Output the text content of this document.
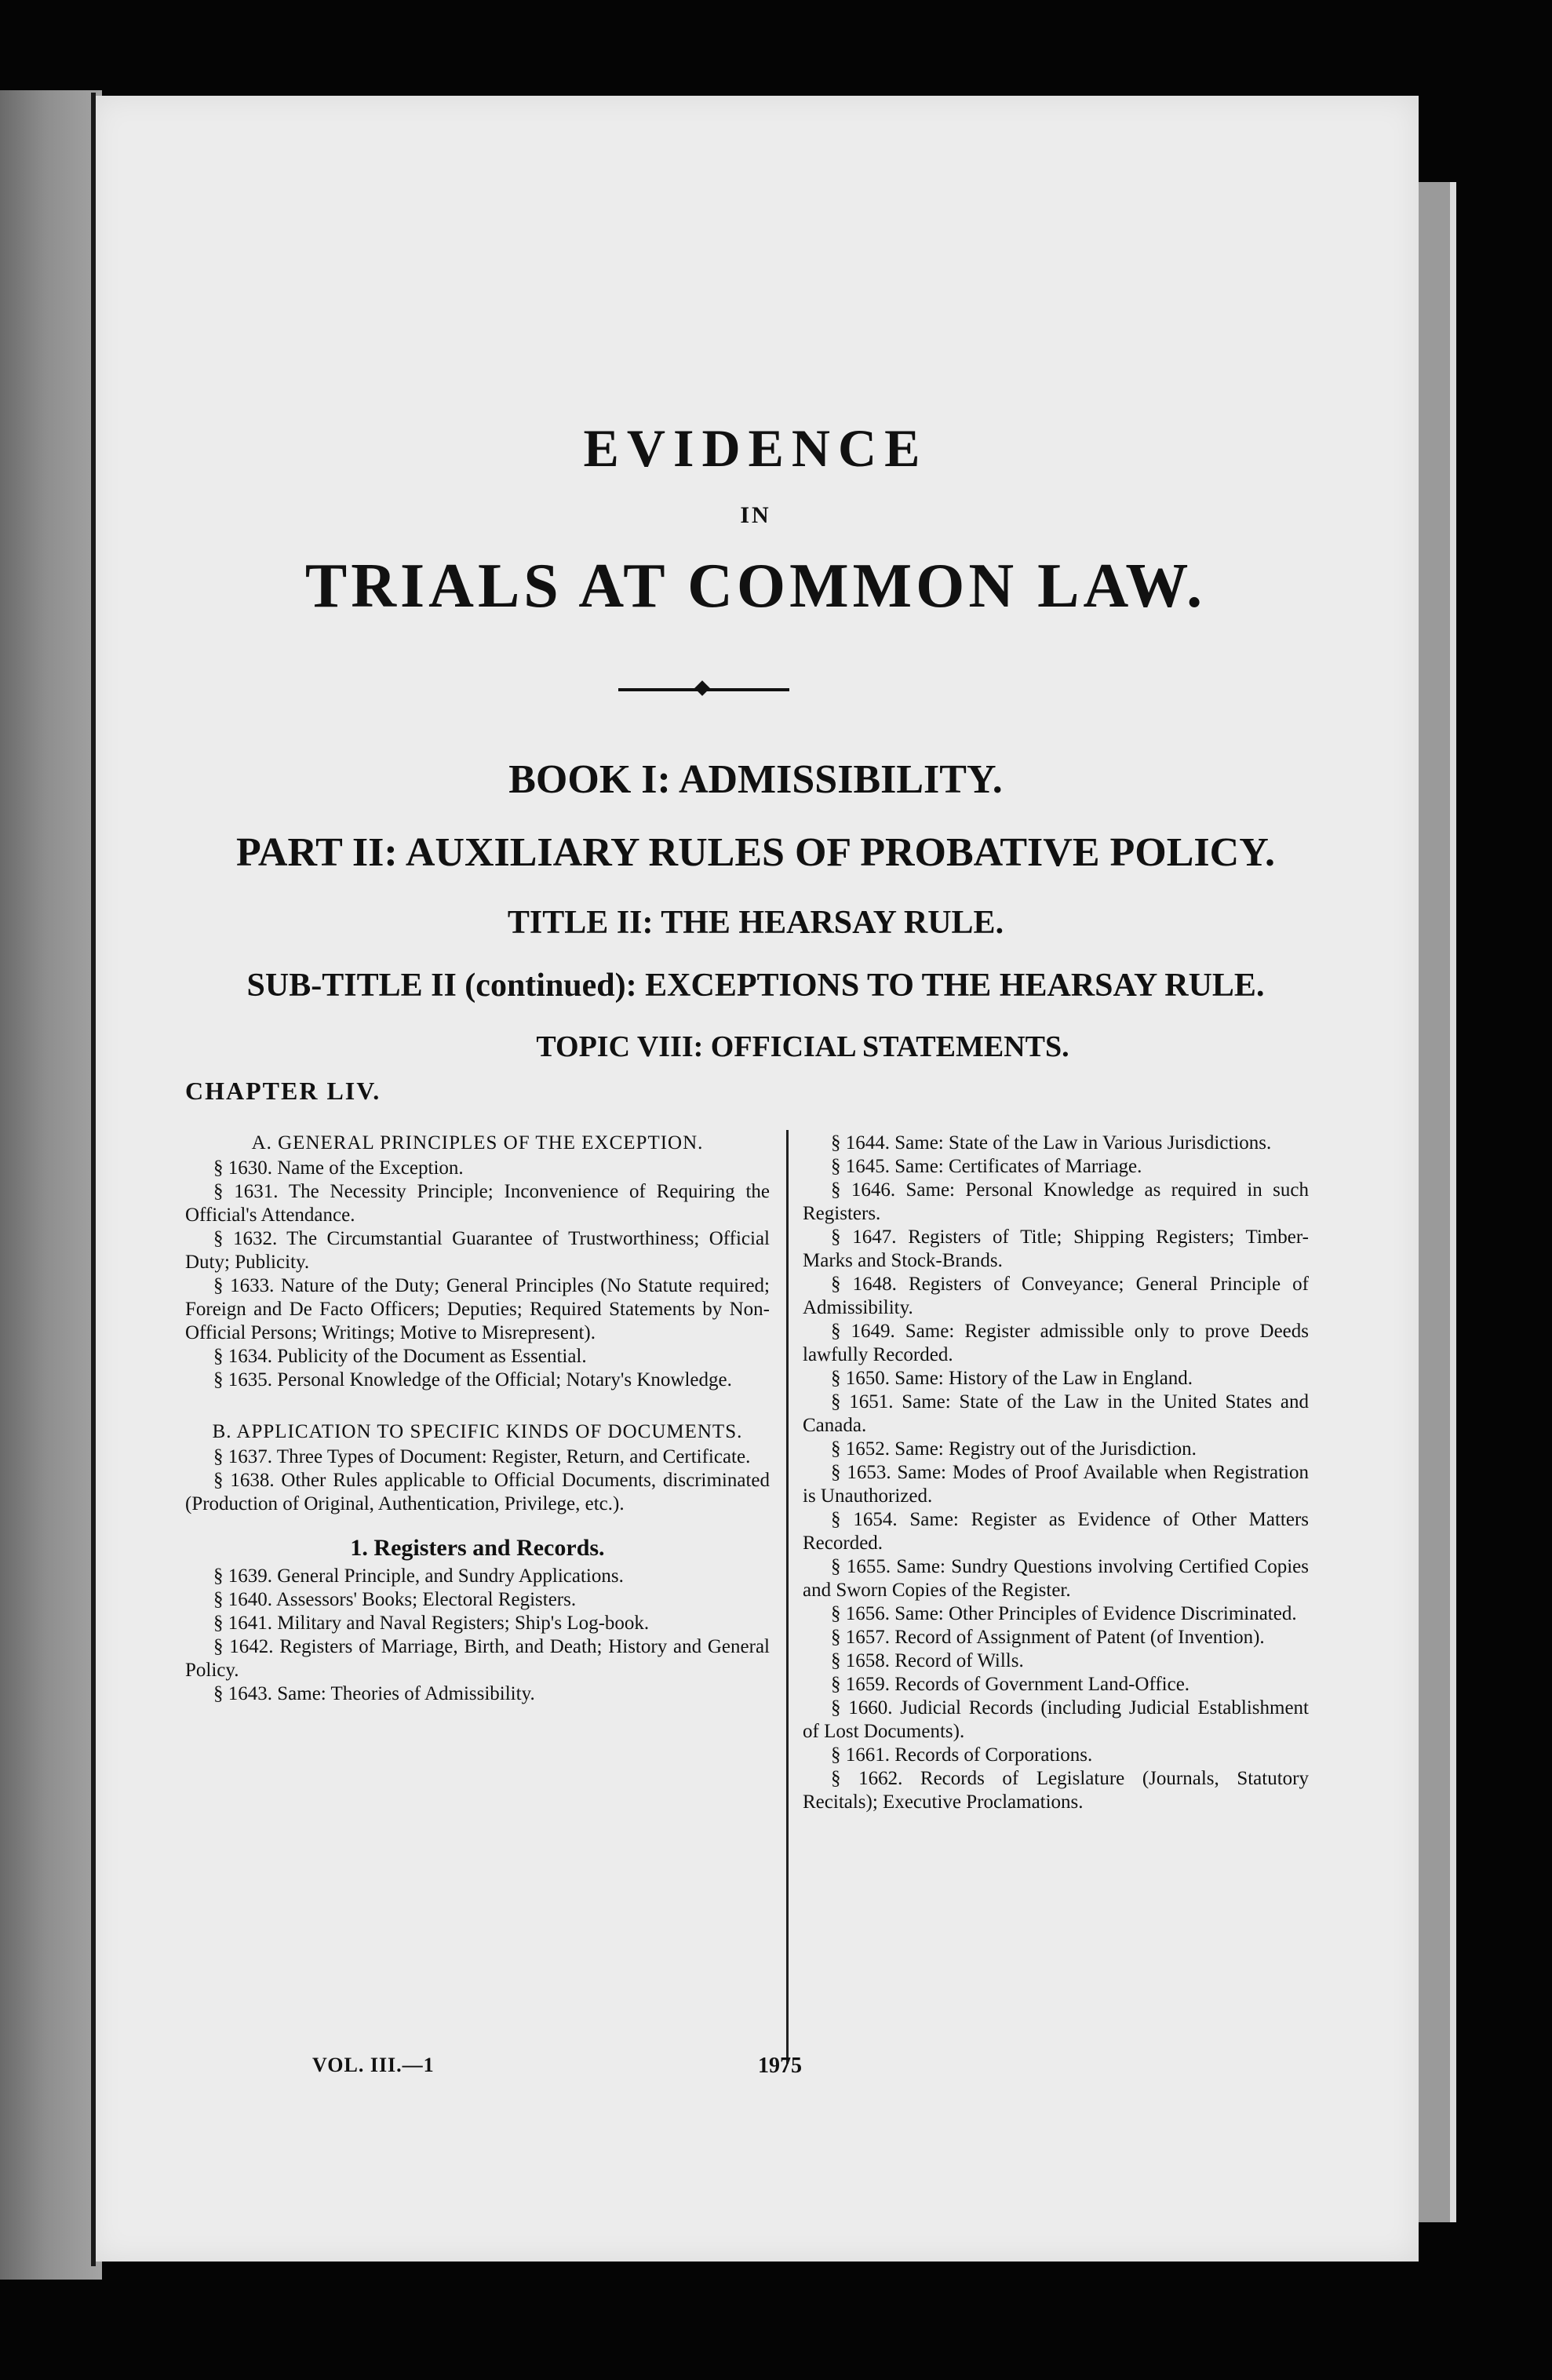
EVIDENCE
IN
TRIALS AT COMMON LAW.
BOOK I: ADMISSIBILITY.
PART II: AUXILIARY RULES OF PROBATIVE POLICY.
TITLE II: THE HEARSAY RULE.
SUB-TITLE II (continued): EXCEPTIONS TO THE HEARSAY RULE.
TOPIC VIII: OFFICIAL STATEMENTS.
CHAPTER LIV.

A. GENERAL PRINCIPLES OF THE EXCEPTION.

§ 1630. Name of the Exception.

§ 1631. The Necessity Principle; Inconvenience of Requiring the Official's Attendance.

§ 1632. The Circumstantial Guarantee of Trustworthiness; Official Duty; Publicity.

§ 1633. Nature of the Duty; General Principles (No Statute required; Foreign and De Facto Officers; Deputies; Required Statements by Non-Official Persons; Writings; Motive to Misrepresent).

§ 1634. Publicity of the Document as Essential.

§ 1635. Personal Knowledge of the Official; Notary's Knowledge.

B. APPLICATION TO SPECIFIC KINDS OF DOCUMENTS.

§ 1637. Three Types of Document: Register, Return, and Certificate.

§ 1638. Other Rules applicable to Official Documents, discriminated (Production of Original, Authentication, Privilege, etc.).

1. Registers and Records.

§ 1639. General Principle, and Sundry Applications.

§ 1640. Assessors' Books; Electoral Registers.

§ 1641. Military and Naval Registers; Ship's Log-book.

§ 1642. Registers of Marriage, Birth, and Death; History and General Policy.

§ 1643. Same: Theories of Admissibility.

§ 1644. Same: State of the Law in Various Jurisdictions.

§ 1645. Same: Certificates of Marriage.

§ 1646. Same: Personal Knowledge as required in such Registers.

§ 1647. Registers of Title; Shipping Registers; Timber-Marks and Stock-Brands.

§ 1648. Registers of Conveyance; General Principle of Admissibility.

§ 1649. Same: Register admissible only to prove Deeds lawfully Recorded.

§ 1650. Same: History of the Law in England.

§ 1651. Same: State of the Law in the United States and Canada.

§ 1652. Same: Registry out of the Jurisdiction.

§ 1653. Same: Modes of Proof Available when Registration is Unauthorized.

§ 1654. Same: Register as Evidence of Other Matters Recorded.

§ 1655. Same: Sundry Questions involving Certified Copies and Sworn Copies of the Register.

§ 1656. Same: Other Principles of Evidence Discriminated.

§ 1657. Record of Assignment of Patent (of Invention).

§ 1658. Record of Wills.

§ 1659. Records of Government Land-Office.

§ 1660. Judicial Records (including Judicial Establishment of Lost Documents).

§ 1661. Records of Corporations.

§ 1662. Records of Legislature (Journals, Statutory Recitals); Executive Proclamations.

VOL. III.—1	1975
